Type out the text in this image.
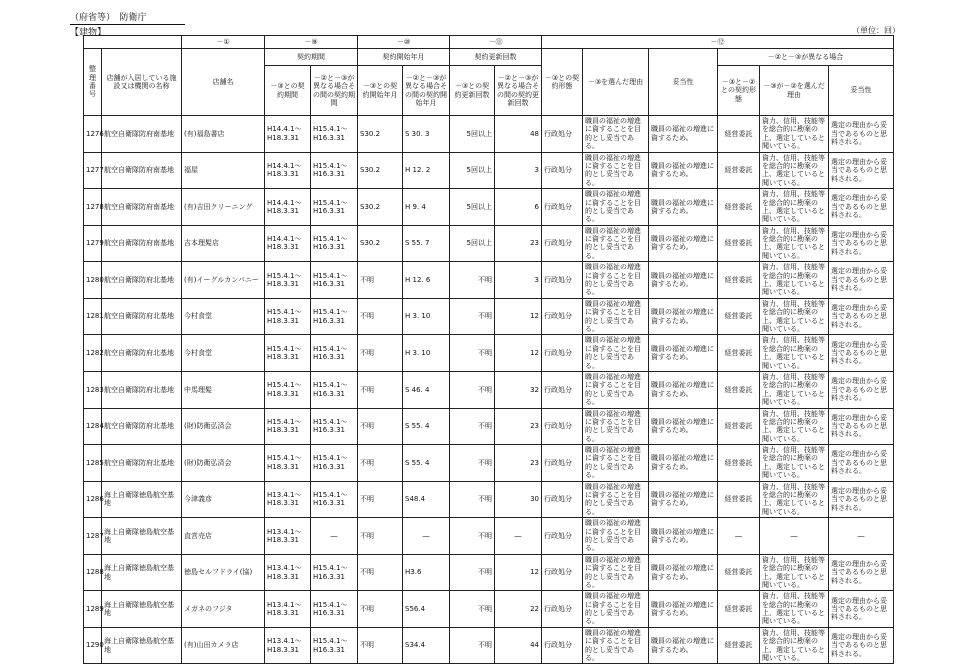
（府省等）　防衛庁
【建物】	（単位：回）
		－①	－⑨		－⑩		－⑪		－⑫					
整理番号	店舗が入居している施設又は機関の名称	店舗名	契約期間		契約開始年月		契約更新回数		－③との契約形態	－③を選んだ理由	妥当性	－②と－③が異なる場合		
			－③との契約期間	－②と－③が異なる場合その間の契約期間	－③との契約開始年月	－②と－③が異なる場合その間の契約開始年月	－③との契約更新回数	－②と－③が異なる場合その間の契約更新回数				－③と－②との契約形態	－③が－②を選んだ理由	妥当性
1276	航空自衛隊防府南基地	(有)福島書店	H14.4.1～H18.3.31	H15.4.1～H16.3.31	S30.2	S 30. 3	5回以上	48	行政処分	職員の福祉の増進に資することを目的とし妥当である。	職員の福祉の増進に資するため。	経営委託	資力、信用、技能等を総合的に勘案の上、選定していると聞いている。	選定の理由から妥当であるものと思料される。
1277	航空自衛隊防府南基地	福屋	H14.4.1～H18.3.31	H15.4.1～H16.3.31	S30.2	H 12. 2	5回以上	3	行政処分	職員の福祉の増進に資することを目的とし妥当である。	職員の福祉の増進に資するため。	経営委託	資力、信用、技能等を総合的に勘案の上、選定していると聞いている。	選定の理由から妥当であるものと思料される。
1278	航空自衛隊防府南基地	(有)吉田クリーニング	H14.4.1～H18.3.31	H15.4.1～H16.3.31	S30.2	H 9. 4	5回以上	6	行政処分	職員の福祉の増進に資することを目的とし妥当である。	職員の福祉の増進に資するため。	経営委託	資力、信用、技能等を総合的に勘案の上、選定していると聞いている。	選定の理由から妥当であるものと思料される。
1279	航空自衛隊防府南基地	吉本理髪店	H14.4.1～H18.3.31	H15.4.1～H16.3.31	S30.2	S 55. 7	5回以上	23	行政処分	職員の福祉の増進に資することを目的とし妥当である。	職員の福祉の増進に資するため。	経営委託	資力、信用、技能等を総合的に勘案の上、選定していると聞いている。	選定の理由から妥当であるものと思料される。
1280	航空自衛隊防府北基地	(有)イーグルカンパニー	H15.4.1～H18.3.31	H15.4.1～H16.3.31	不明	H 12. 6	不明	3	行政処分	職員の福祉の増進に資することを目的とし妥当である。	職員の福祉の増進に資するため。	経営委託	資力、信用、技能等を総合的に勘案の上、選定していると聞いている。	選定の理由から妥当であるものと思料される。
1281	航空自衛隊防府北基地	今村食堂	H15.4.1～H18.3.31	H15.4.1～H16.3.31	不明	H 3. 10	不明	12	行政処分	職員の福祉の増進に資することを目的とし妥当である。	職員の福祉の増進に資するため。	経営委託	資力、信用、技能等を総合的に勘案の上、選定していると聞いている。	選定の理由から妥当であるものと思料される。
1282	航空自衛隊防府北基地	今村食堂	H15.4.1～H18.3.31	H15.4.1～H16.3.31	不明	H 3. 10	不明	12	行政処分	職員の福祉の増進に資することを目的とし妥当である。	職員の福祉の増進に資するため。	経営委託	資力、信用、技能等を総合的に勘案の上、選定していると聞いている。	選定の理由から妥当であるものと思料される。
1283	航空自衛隊防府北基地	中馬理髪	H15.4.1～H18.3.31	H15.4.1～H16.3.31	不明	S 46. 4	不明	32	行政処分	職員の福祉の増進に資することを目的とし妥当である。	職員の福祉の増進に資するため。	経営委託	資力、信用、技能等を総合的に勘案の上、選定していると聞いている。	選定の理由から妥当であるものと思料される。
1284	航空自衛隊防府北基地	(財)防衛弘済会	H15.4.1～H18.3.31	H15.4.1～H16.3.31	不明	S 55. 4	不明	23	行政処分	職員の福祉の増進に資することを目的とし妥当である。	職員の福祉の増進に資するため。	経営委託	資力、信用、技能等を総合的に勘案の上、選定していると聞いている。	選定の理由から妥当であるものと思料される。
1285	航空自衛隊防府北基地	(財)防衛弘済会	H15.4.1～H18.3.31	H15.4.1～H16.3.31	不明	S 55. 4	不明	23	行政処分	職員の福祉の増進に資することを目的とし妥当である。	職員の福祉の増進に資するため。	経営委託	資力、信用、技能等を総合的に勘案の上、選定していると聞いている。	選定の理由から妥当であるものと思料される。
1286	海上自衛隊徳島航空基地	今津義彦	H13.4.1～H18.3.31	H15.4.1～H16.3.31	不明	S48.4	不明	30	行政処分	職員の福祉の増進に資することを目的とし妥当である。	職員の福祉の増進に資するため。	経営委託	資力、信用、技能等を総合的に勘案の上、選定していると聞いている。	選定の理由から妥当であるものと思料される。
1287	海上自衛隊徳島航空基地	直営売店	H13.4.1～H18.3.31	―	不明	―	不明	―	行政処分	職員の福祉の増進に資することを目的とし妥当である。	職員の福祉の増進に資するため。	―	―	―
1288	海上自衛隊徳島航空基地	徳島セルフドライ(協)	H13.4.1～H18.3.31	H15.4.1～H16.3.31	不明	H3.6	不明	12	行政処分	職員の福祉の増進に資することを目的とし妥当である。	職員の福祉の増進に資するため。	経営委託	資力、信用、技能等を総合的に勘案の上、選定していると聞いている。	選定の理由から妥当であるものと思料される。
1289	海上自衛隊徳島航空基地	メガネのフジタ	H13.4.1～H18.3.31	H15.4.1～H16.3.31	不明	S56.4	不明	22	行政処分	職員の福祉の増進に資することを目的とし妥当である。	職員の福祉の増進に資するため。	経営委託	資力、信用、技能等を総合的に勘案の上、選定していると聞いている。	選定の理由から妥当であるものと思料される。
1290	海上自衛隊徳島航空基地	(有)山田カメラ店	H13.4.1～H18.3.31	H15.4.1～H16.3.31	不明	S34.4	不明	44	行政処分	職員の福祉の増進に資することを目的とし妥当である。	職員の福祉の増進に資するため。	経営委託	資力、信用、技能等を総合的に勘案の上、選定していると聞いている。	選定の理由から妥当であるものと思料される。
